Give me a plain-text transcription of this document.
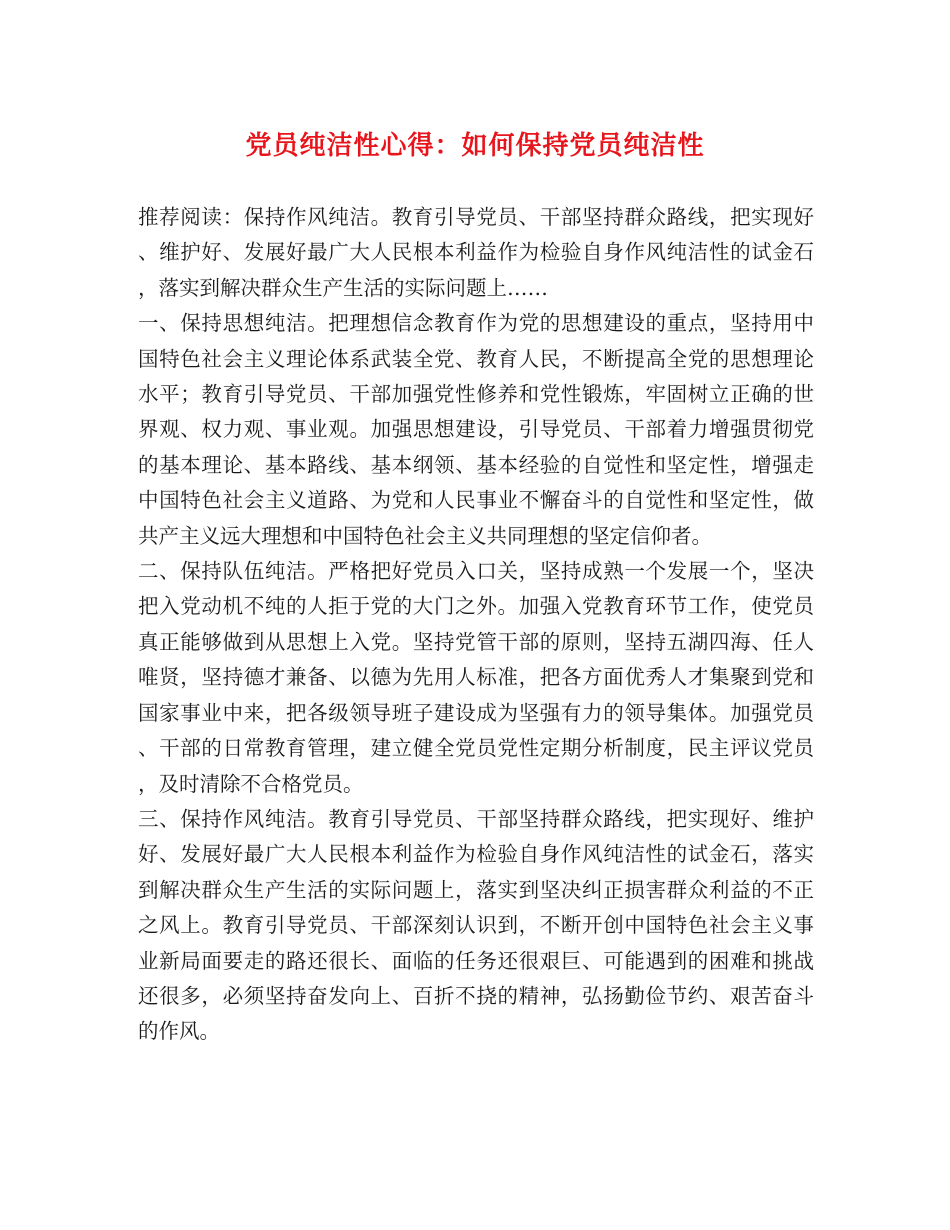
党员纯洁性心得：如何保持党员纯洁性

推荐阅读：保持作风纯洁。教育引导党员、干部坚持群众路线，把实现好、维护好、发展好最广大人民根本利益作为检验自身作风纯洁性的试金石，落实到解决群众生产生活的实际问题上……

一、保持思想纯洁。把理想信念教育作为党的思想建设的重点，坚持用中国特色社会主义理论体系武装全党、教育人民，不断提高全党的思想理论水平；教育引导党员、干部加强党性修养和党性锻炼，牢固树立正确的世界观、权力观、事业观。加强思想建设，引导党员、干部着力增强贯彻党的基本理论、基本路线、基本纲领、基本经验的自觉性和坚定性，增强走中国特色社会主义道路、为党和人民事业不懈奋斗的自觉性和坚定性，做共产主义远大理想和中国特色社会主义共同理想的坚定信仰者。

二、保持队伍纯洁。严格把好党员入口关，坚持成熟一个发展一个，坚决把入党动机不纯的人拒于党的大门之外。加强入党教育环节工作，使党员真正能够做到从思想上入党。坚持党管干部的原则，坚持五湖四海、任人唯贤，坚持德才兼备、以德为先用人标准，把各方面优秀人才集聚到党和国家事业中来，把各级领导班子建设成为坚强有力的领导集体。加强党员、干部的日常教育管理，建立健全党员党性定期分析制度，民主评议党员，及时清除不合格党员。

三、保持作风纯洁。教育引导党员、干部坚持群众路线，把实现好、维护好、发展好最广大人民根本利益作为检验自身作风纯洁性的试金石，落实到解决群众生产生活的实际问题上，落实到坚决纠正损害群众利益的不正之风上。教育引导党员、干部深刻认识到，不断开创中国特色社会主义事业新局面要走的路还很长、面临的任务还很艰巨、可能遇到的困难和挑战还很多，必须坚持奋发向上、百折不挠的精神，弘扬勤俭节约、艰苦奋斗的作风。
